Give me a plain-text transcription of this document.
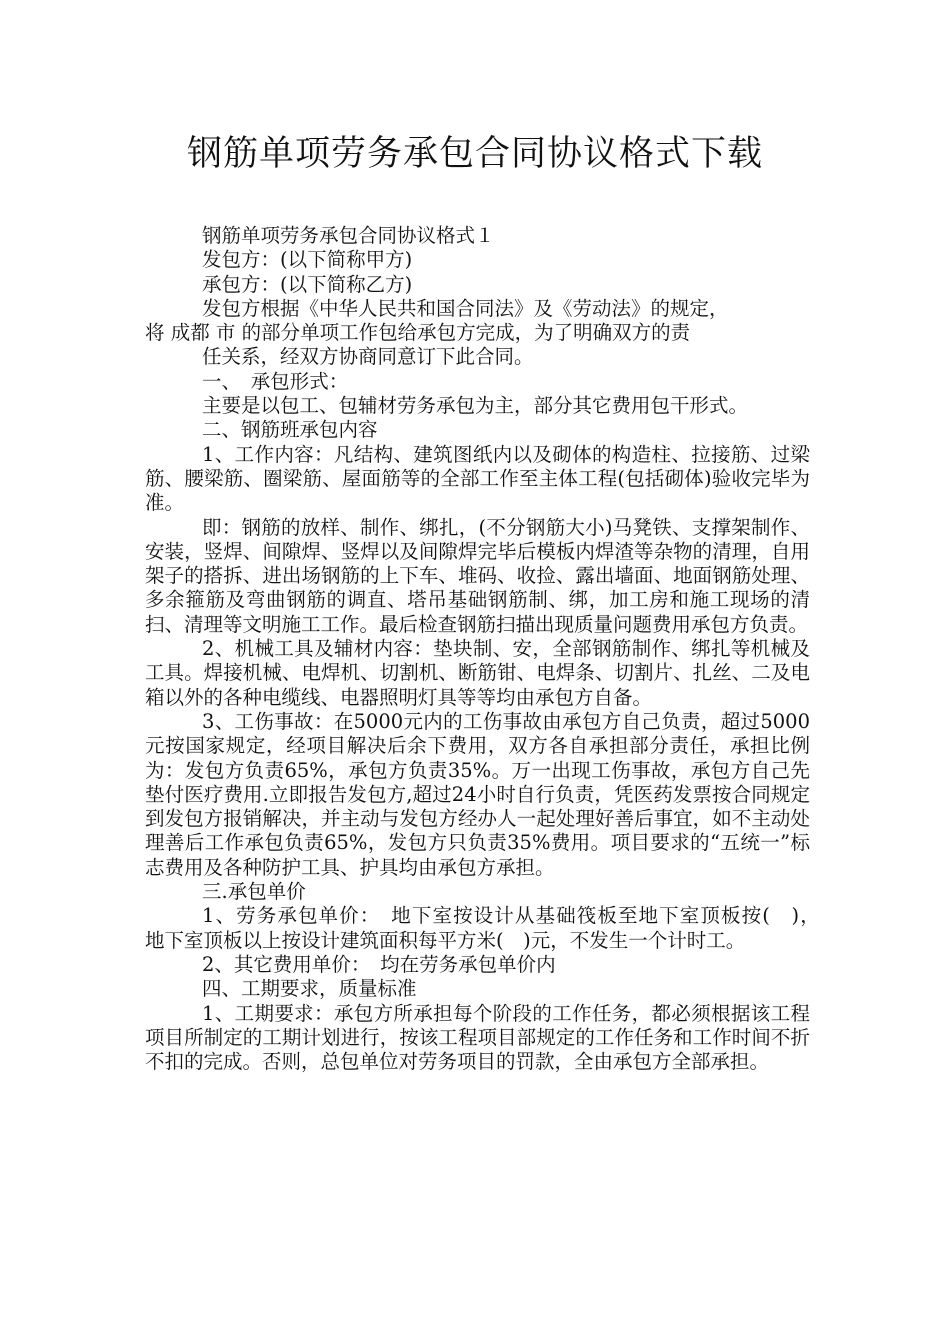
钢筋单项劳务承包合同协议格式下载

钢筋单项劳务承包合同协议格式１

发包方：(以下简称甲方)

承包方：(以下简称乙方)

发包方根据《中华人民共和国合同法》及《劳动法》的规定，

将 成都 市 的部分单项工作包给承包方完成，为了明确双方的责

任关系，经双方协商同意订下此合同。

一、　承包形式：

主要是以包工、包辅材劳务承包为主，部分其它费用包干形式。

二、钢筋班承包内容

1、工作内容：凡结构、建筑图纸内以及砌体的构造柱、拉接筋、过梁筋、腰梁筋、圈梁筋、屋面筋等的全部工作至主体工程(包括砌体)验收完毕为准。

即：钢筋的放样、制作、绑扎，(不分钢筋大小)马凳铁、支撑架制作、安装，竖焊、间隙焊、竖焊以及间隙焊完毕后模板内焊渣等杂物的清理，自用架子的搭拆、进出场钢筋的上下车、堆码、收捡、露出墙面、地面钢筋处理、多余箍筋及弯曲钢筋的调直、塔吊基础钢筋制、绑，加工房和施工现场的清扫、清理等文明施工工作。最后检查钢筋扫描出现质量问题费用承包方负责。

2、机械工具及辅材内容：垫块制、安，全部钢筋制作、绑扎等机械及工具。焊接机械、电焊机、切割机、断筋钳、电焊条、切割片、扎丝、二及电箱以外的各种电缆线、电器照明灯具等等均由承包方自备。

3、工伤事故：在5000元内的工伤事故由承包方自己负责，超过5000元按国家规定，经项目解决后余下费用，双方各自承担部分责任，承担比例为：发包方负责65%，承包方负责35%。万一出现工伤事故，承包方自己先垫付医疗费用.立即报告发包方,超过24小时自行负责，凭医药发票按合同规定到发包方报销解决，并主动与发包方经办人一起处理好善后事宜，如不主动处理善后工作承包负责65%，发包方只负责35%费用。项目要求的“五统一”标志费用及各种防护工具、护具均由承包方承担。

三.承包单价

1、劳务承包单价：　地下室按设计从基础筏板至地下室顶板按(　)，　地下室顶板以上按设计建筑面积每平方米(　)元，不发生一个计时工。

2、其它费用单价：　均在劳务承包单价内

四、工期要求，质量标准

1、工期要求：承包方所承担每个阶段的工作任务，都必须根据该工程项目所制定的工期计划进行，按该工程项目部规定的工作任务和工作时间不折不扣的完成。否则，总包单位对劳务项目的罚款，全由承包方全部承担。
